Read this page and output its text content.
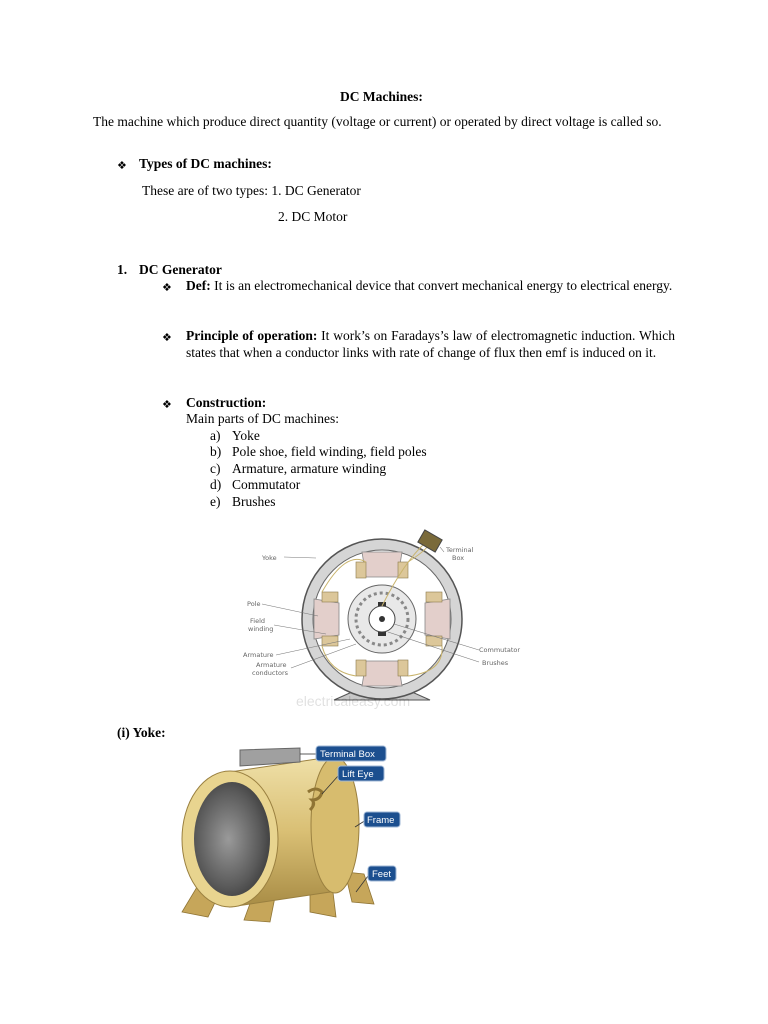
DC Machines:
The machine which produce direct quantity (voltage or current) or operated by direct voltage is called so.
❖ Types of DC machines:
These are of two types: 1. DC Generator
2. DC Motor
1. DC Generator
❖ Def: It is an electromechanical device that convert mechanical energy to electrical energy.
❖ Principle of operation: It work’s on Faradays’s law of electromagnetic induction. Which states that when a conductor links with rate of change of flux then emf is induced on it.
❖ Construction:
Main parts of DC machines:
a) Yoke
b) Pole shoe, field winding, field poles
c) Armature, armature winding
d) Commutator
e) Brushes
Yoke
Terminal
Box
Pole
Field
winding
Armature
Armature
conductors
Commutator
Brushes
electricaleasy.com
(i) Yoke:
Terminal Box
Lift Eye
Frame
Feet
